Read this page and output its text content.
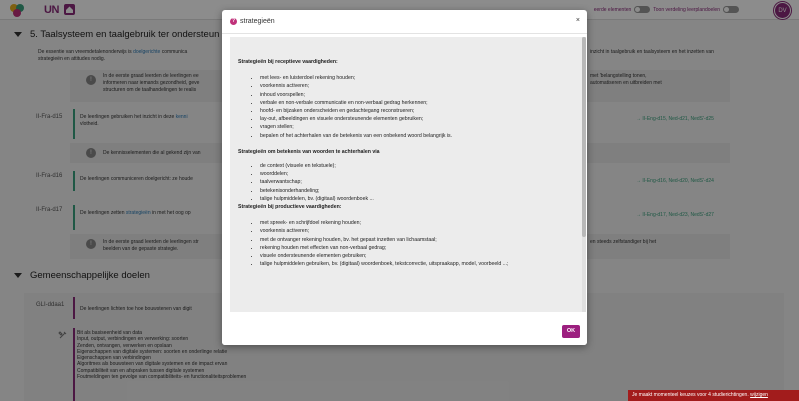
UN	eerde elementen	Toon verdeling leerplandoelen	DV
5. Taalsysteem en taalgebruik ter ondersteun
De essentie van vreemdetalenonderwijs is doelgerichte communica
strategieën en attitudes nodig.
inzicht in taalgebruik en taalsysteem en het inzetten van
!
In de eerste graad leerden de leerlingen ee
informeren naar iemands gezondheid, geve
structuren om de taalhandelingen te realis
met 'belangstelling tonen,
automatiseren en uitbreiden met
II-Fra-d15	De leerlingen gebruiken het inzicht in deze kenni
vlotheid.
→ II-Eng-d15, Ned-d21, NedS'-d25
!	De kennisselementen die al gekend zijn van
II-Fra-d16	De leerlingen communiceren doelgericht: ze houde	→ II-Eng-d16, Ned-d20, NedS'-d24
II-Fra-d17	De leerlingen zetten strategieën in met het oog op	→ II-Eng-d17, Ned-d23, NedS'-d27
!	In de eerste graad leerden de leerlingen str
beelden van de gepaste strategie.
en steeds zelfstandiger bij het
Gemeenschappelijke doelen
GLI-ddaa1
De leerlingen lichten toe hoe bouwstenen van digit
Bit als basiseenheid van data
Input, output, verbindingen en verwerking: soorten
Zenden, ontvangen, verwerken en opslaan
Eigenschappen van digitale systemen: soorten en onderlinge relatie
Eigenschappen van verbindingen
Algoritmes als bouwsteen van digitale systemen en de impact ervan
Compatibiliteit van en afspraken tussen digitale systemen
Foutmeldingen ten gevolge van compatibiliteits- en functionaliteitsproblemen
Je maakt momenteel keuzes voor 4 studierichtingen. wijzigen
? strategieën	×
Strategieën bij receptieve vaardigheden:
• met lees- en luisterdoel rekening houden;
• voorkennis activeren;
• inhoud voorspellen;
• verbale en non-verbale communicatie en non-verbaal gedrag herkennen;
• hoofd- en bijzaken onderscheiden en gedachtegang reconstrueren;
• lay-out, afbeeldingen en visuele ondersteunende elementen gebruiken;
• vragen stellen;
• bepalen of het achterhalen van de betekenis van een onbekend woord belangrijk is.
Strategieën om betekenis van woorden te achterhalen via
• de context (visuele en tekstuele);
• woorddelen;
• taalverwantschap;
• betekenisonderhandeling;
• talige hulpmiddelen, bv. (digitaal) woordenboek ...
Strategieën bij productieve vaardigheden:
• met spreek- en schrijfdoel rekening houden;
• voorkennis activeren;
• met de ontvanger rekening houden, bv. het gepast inzetten van lichaamstaal;
• rekening houden met effecten van non-verbaal gedrag;
• visuele ondersteunende elementen gebruiken;
• talige hulpmiddelen gebruiken, bv. (digitaal) woordenboek, tekstcorrectie, uitspraakapp, model, voorbeeld ...;
OK
